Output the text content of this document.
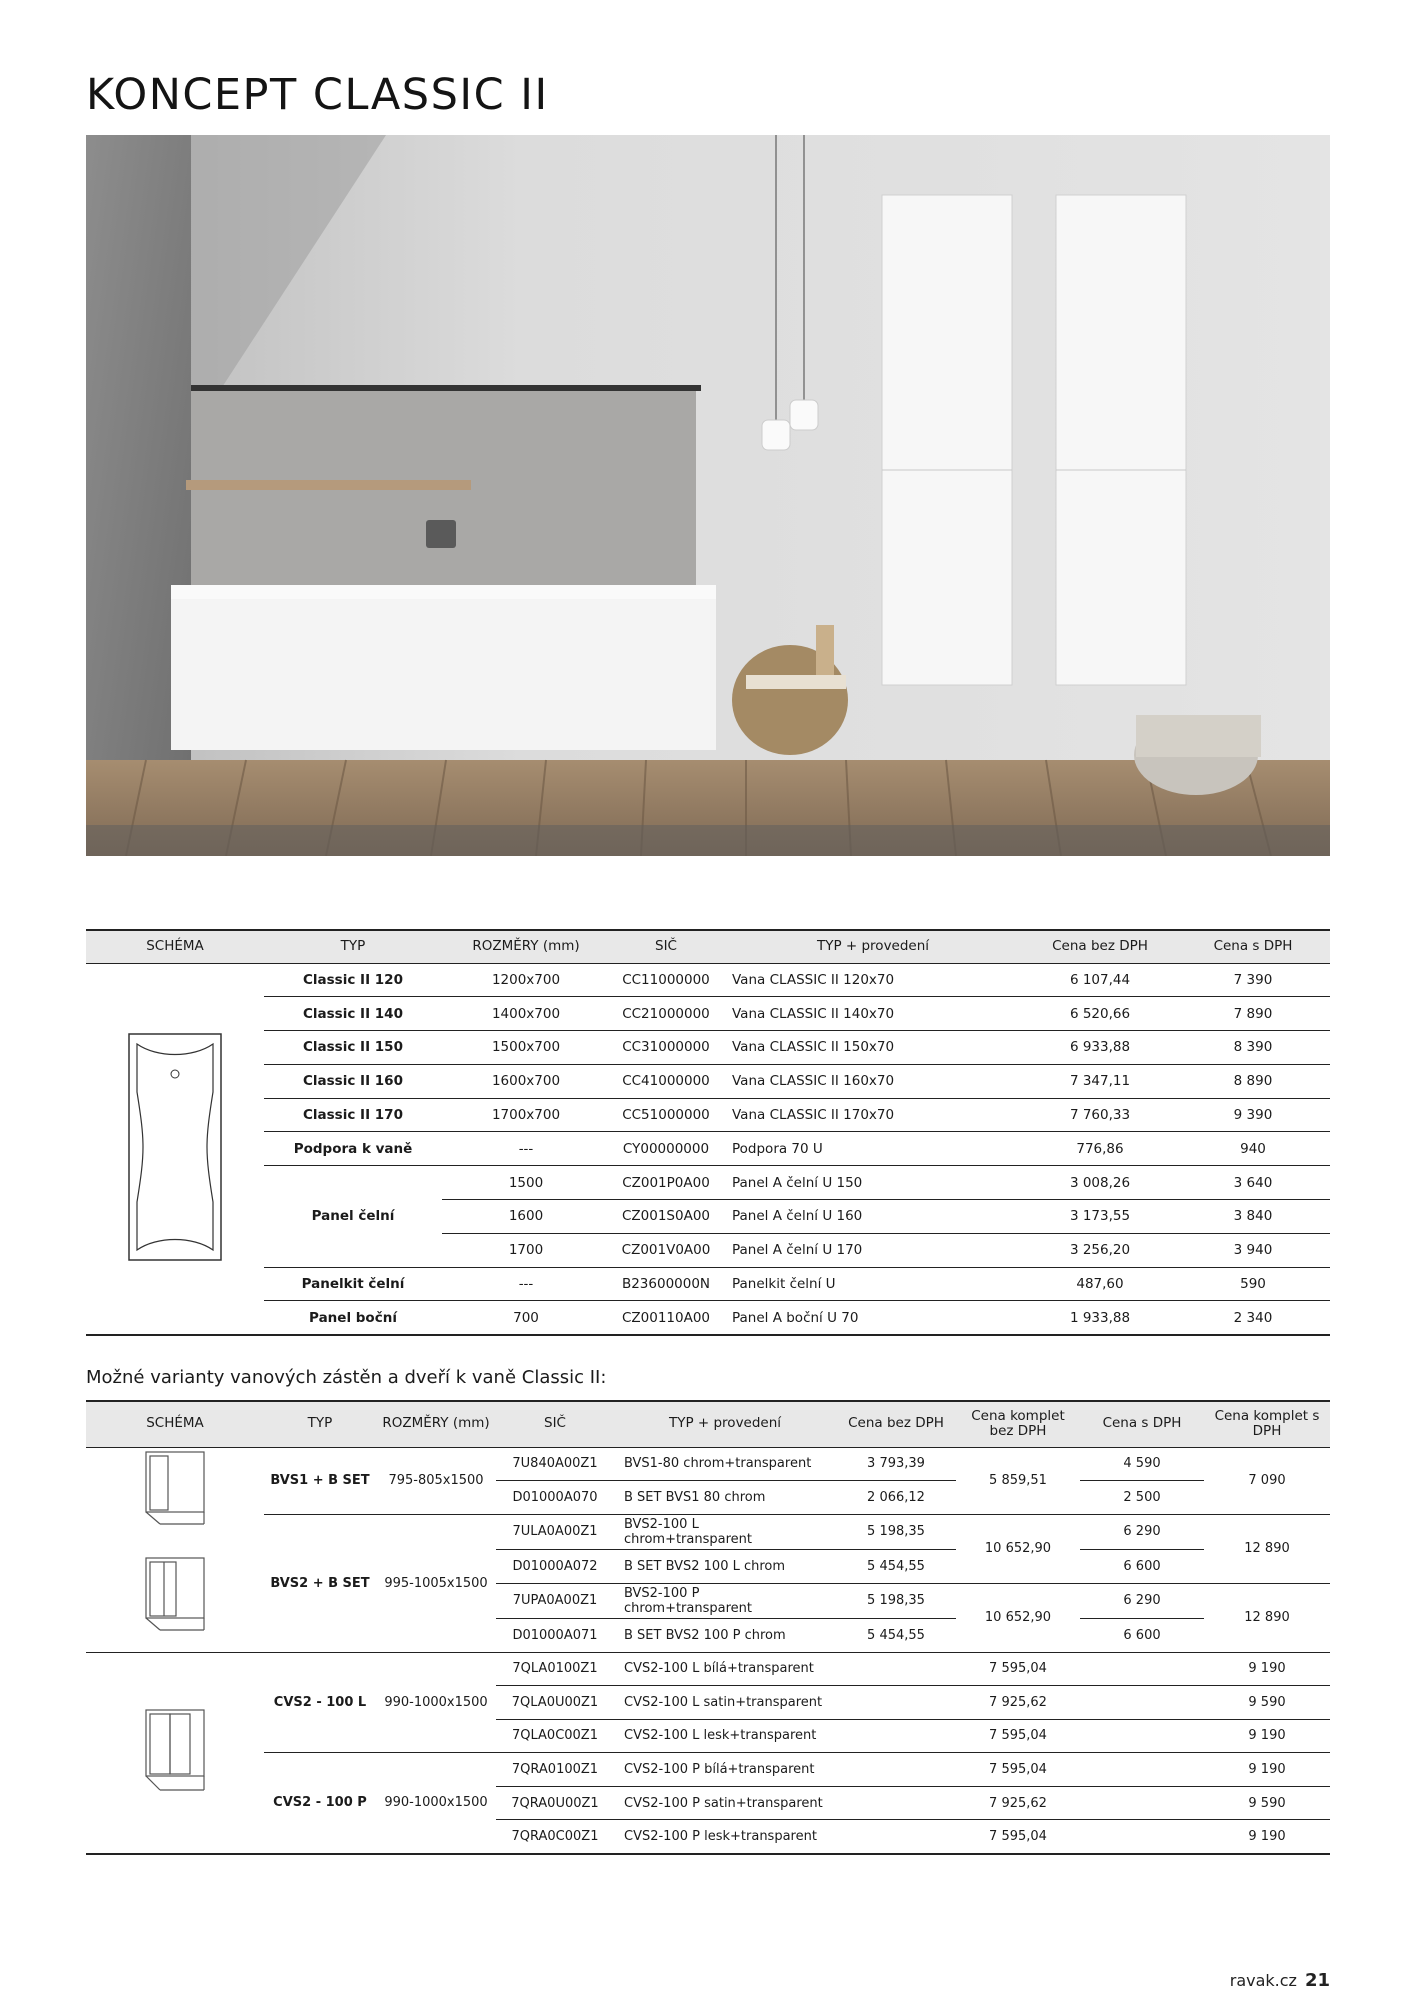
KONCEPT CLASSIC II
SCHÉMA	TYP	ROZMĚRY (mm)	SIČ	TYP + provedení	Cena bez DPH	Cena s DPH
	Classic II 120	1200x700	CC11000000	Vana CLASSIC II 120x70	6 107,44	7 390
	Classic II 140	1400x700	CC21000000	Vana CLASSIC II 140x70	6 520,66	7 890
	Classic II 150	1500x700	CC31000000	Vana CLASSIC II 150x70	6 933,88	8 390
	Classic II 160	1600x700	CC41000000	Vana CLASSIC II 160x70	7 347,11	8 890
	Classic II 170	1700x700	CC51000000	Vana CLASSIC II 170x70	7 760,33	9 390
	Podpora k vaně	---	CY00000000	Podpora 70 U	776,86	940
	Panel čelní	1500	CZ001P0A00	Panel A čelní U 150	3 008,26	3 640
		1600	CZ001S0A00	Panel A čelní U 160	3 173,55	3 840
		1700	CZ001V0A00	Panel A čelní U 170	3 256,20	3 940
	Panelkit čelní	---	B23600000N	Panelkit čelní U	487,60	590
	Panel boční	700	CZ00110A00	Panel A boční U 70	1 933,88	2 340

Možné varianty vanových zástěn a dveří k vaně Classic II:

SCHÉMA	TYP	ROZMĚRY (mm)	SIČ	TYP + provedení	Cena bez DPH	Cena komplet bez DPH	Cena s DPH	Cena komplet s DPH
	BVS1 + B SET	795-805x1500	7U840A00Z1	BVS1-80 chrom+transparent	3 793,39	5 859,51	4 590	7 090
			D01000A070	B SET BVS1 80 chrom	2 066,12		2 500	
	BVS2 + B SET	995-1005x1500	7ULA0A00Z1	BVS2-100 L chrom+transparent	5 198,35	10 652,90	6 290	12 890
			D01000A072	B SET BVS2 100 L chrom	5 454,55		6 600	
			7UPA0A00Z1	BVS2-100 P chrom+transparent	5 198,35	10 652,90	6 290	12 890
			D01000A071	B SET BVS2 100 P chrom	5 454,55		6 600	
	CVS2 - 100 L	990-1000x1500	7QLA0100Z1	CVS2-100 L bílá+transparent		7 595,04		9 190
			7QLA0U00Z1	CVS2-100 L satin+transparent		7 925,62		9 590
			7QLA0C00Z1	CVS2-100 L lesk+transparent		7 595,04		9 190
	CVS2 - 100 P	990-1000x1500	7QRA0100Z1	CVS2-100 P bílá+transparent		7 595,04		9 190
			7QRA0U00Z1	CVS2-100 P satin+transparent		7 925,62		9 590
			7QRA0C00Z1	CVS2-100 P lesk+transparent		7 595,04		9 190
ravak.cz 21
